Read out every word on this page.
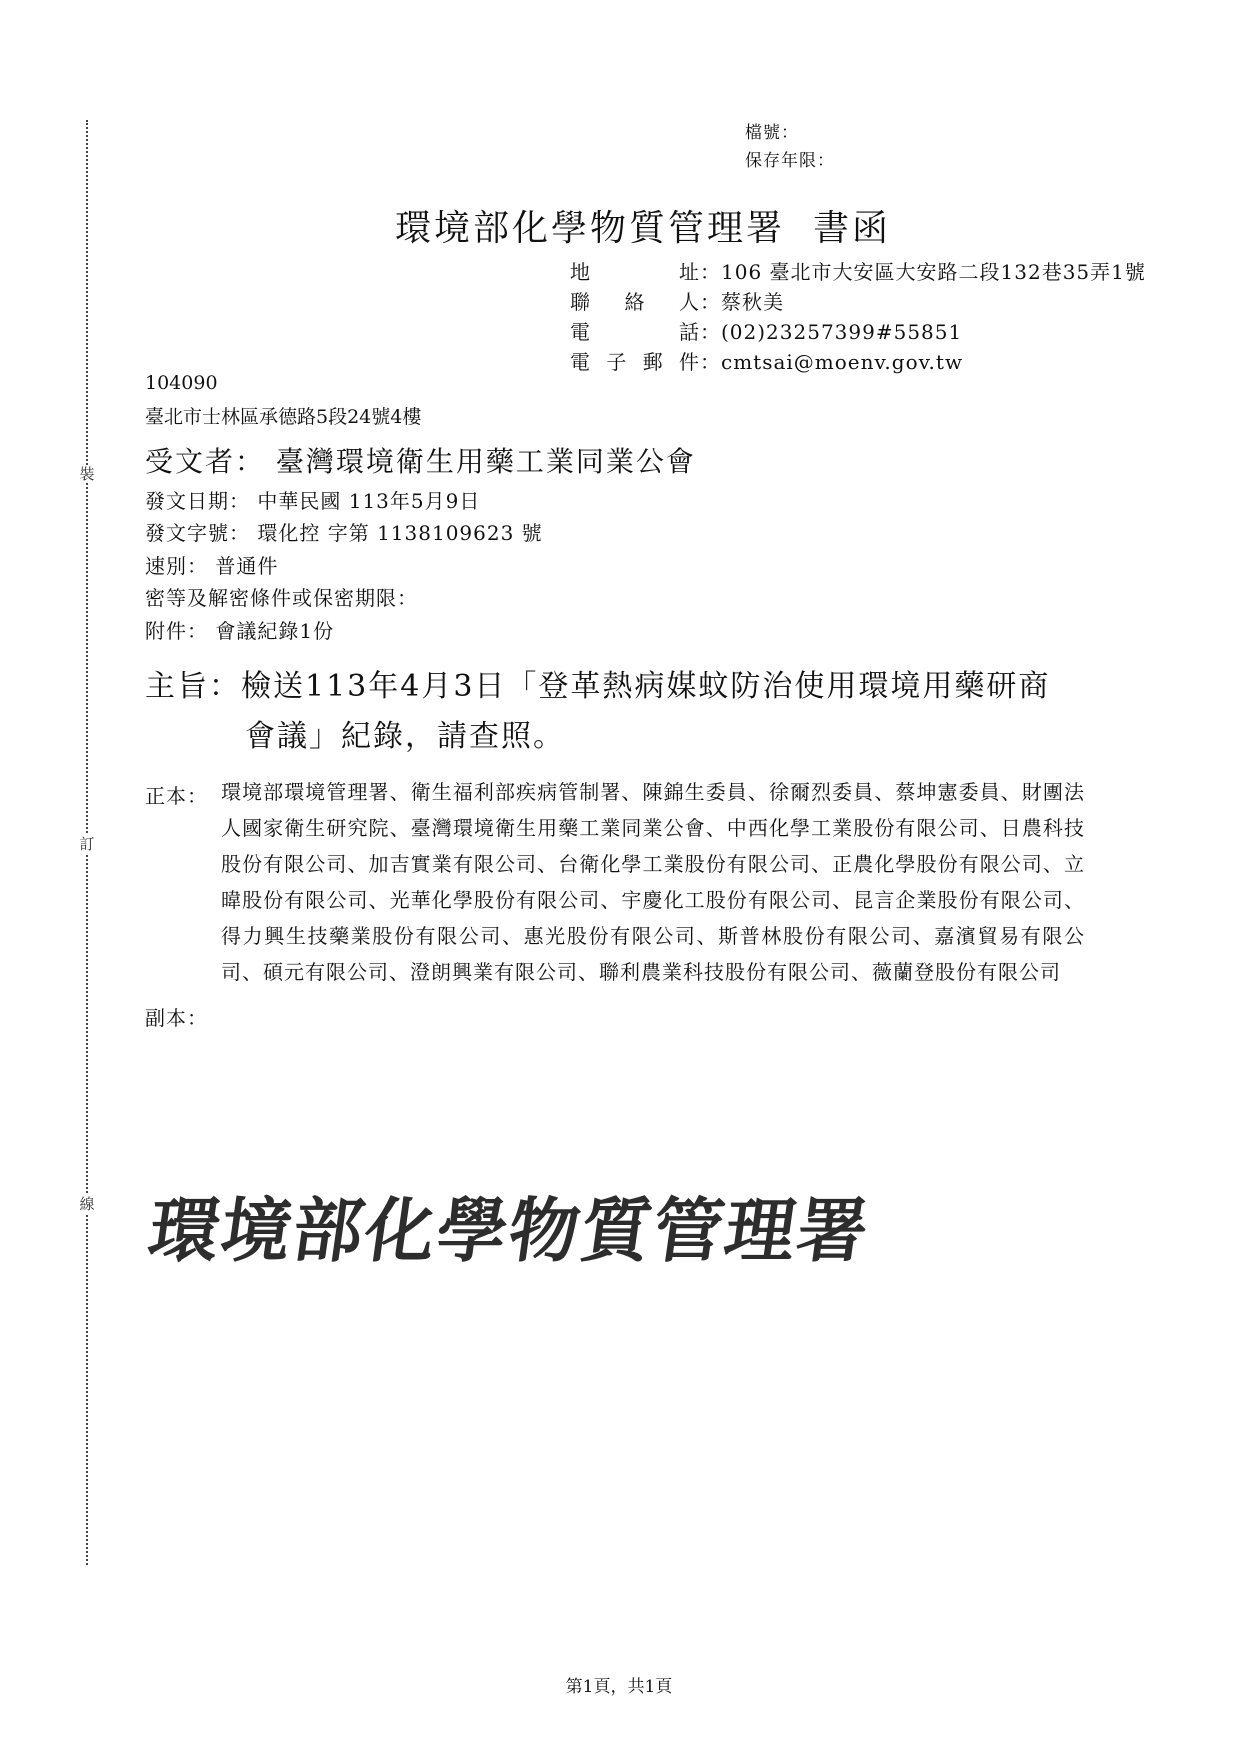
裝
訂
線
檔號：
保存年限：
環境部化學物質管理署 書函
地址：106 臺北市大安區大安路二段132巷35弄1號
聯絡人：蔡秋美
電話：(02)23257399#55851
電子郵件：cmtsai@moenv.gov.tw
104090
臺北市士林區承德路5段24號4樓
受文者： 臺灣環境衛生用藥工業同業公會
發文日期： 中華民國 113年5月9日
發文字號： 環化控 字第 1138109623 號
速別： 普通件
密等及解密條件或保密期限：
附件： 會議紀錄1份
主旨：檢送113年4月3日「登革熱病媒蚊防治使用環境用藥研商
會議」紀錄，請查照。
正本： 環境部環境管理署、衛生福利部疾病管制署、陳錦生委員、徐爾烈委員、蔡坤憲委員、財團法人國家衛生研究院、臺灣環境衛生用藥工業同業公會、中西化學工業股份有限公司、日農科技股份有限公司、加吉實業有限公司、台衛化學工業股份有限公司、正農化學股份有限公司、立暐股份有限公司、光華化學股份有限公司、宇慶化工股份有限公司、昆言企業股份有限公司、得力興生技藥業股份有限公司、惠光股份有限公司、斯普林股份有限公司、嘉濱貿易有限公司、碩元有限公司、澄朗興業有限公司、聯利農業科技股份有限公司、薇蘭登股份有限公司
副本：
環境部化學物質管理署
第1頁，共1頁
